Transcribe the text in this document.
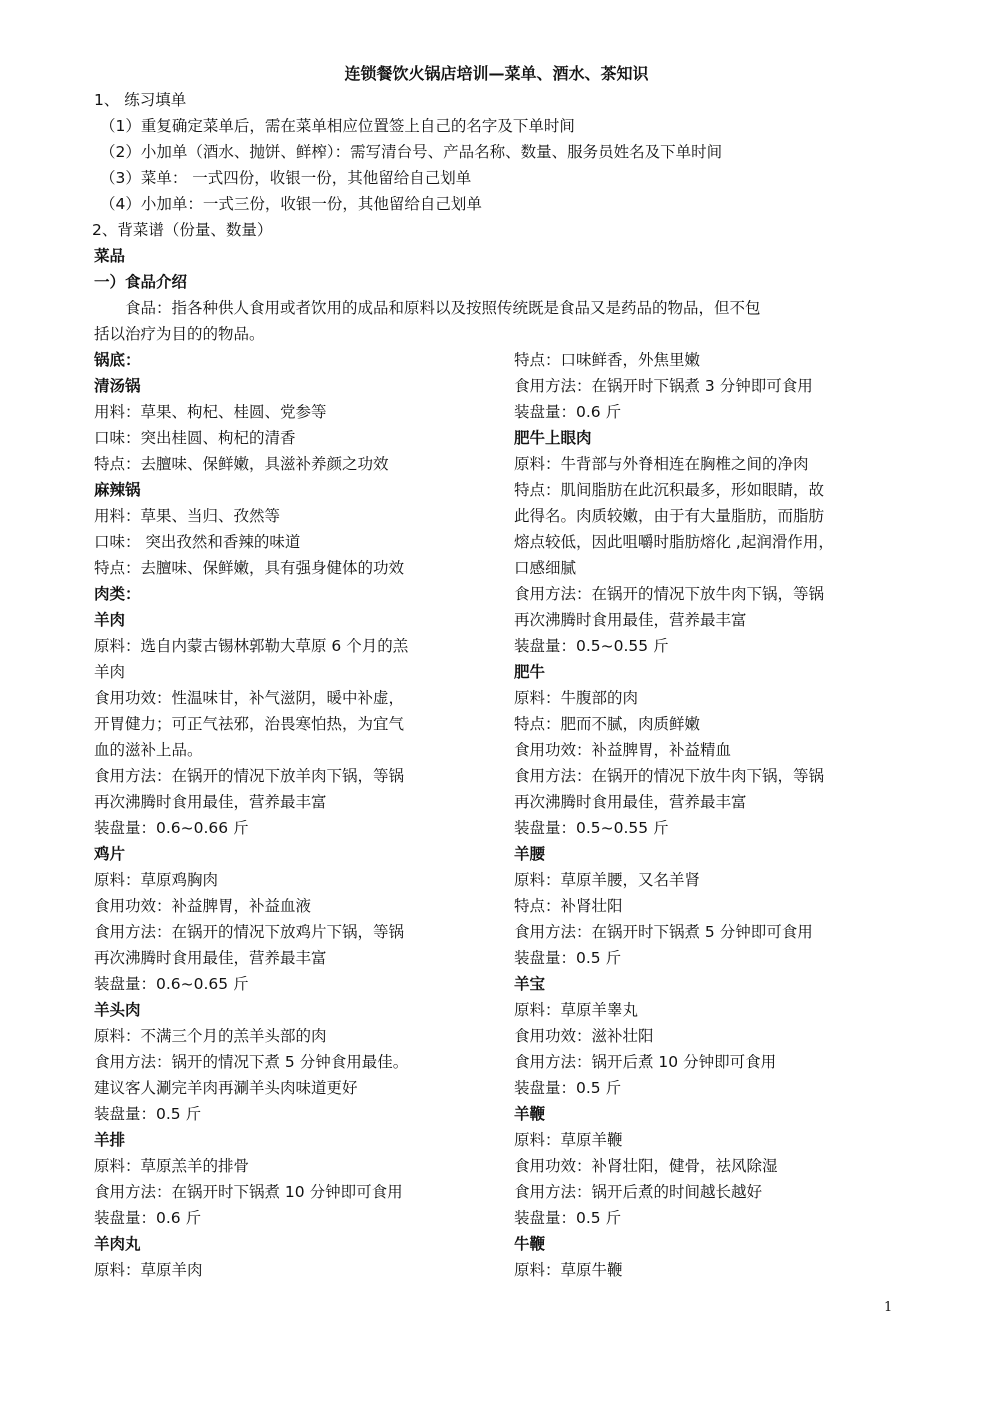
连锁餐饮火锅店培训—菜单、酒水、茶知识
1、 练习填单
（1）重复确定菜单后，需在菜单相应位置签上自己的名字及下单时间
（2）小加单（酒水、抛饼、鲜榨）：需写清台号、产品名称、数量、服务员姓名及下单时间
（3）菜单： 一式四份，收银一份，其他留给自己划单
（4）小加单：一式三份，收银一份，其他留给自己划单
2、背菜谱（份量、数量）
菜品
一）食品介绍
　　食品：指各种供人食用或者饮用的成品和原料以及按照传统既是食品又是药品的物品，但不包
括以治疗为目的的物品。
锅底：
清汤锅
用料：草果、枸杞、桂圆、党参等
口味：突出桂圆、枸杞的清香
特点：去膻味、保鲜嫩，具滋补养颜之功效
麻辣锅
用料：草果、当归、孜然等
口味： 突出孜然和香辣的味道
特点：去膻味、保鲜嫩，具有强身健体的功效
肉类：
羊肉
原料：选自内蒙古锡林郭勒大草原 6 个月的羔
羊肉
食用功效：性温味甘，补气滋阴，暖中补虚，
开胃健力；可正气祛邪，治畏寒怕热，为宜气
血的滋补上品。
食用方法：在锅开的情况下放羊肉下锅，等锅
再次沸腾时食用最佳，营养最丰富
装盘量：0.6~0.66 斤
鸡片
原料：草原鸡胸肉
食用功效：补益脾胃，补益血液
食用方法：在锅开的情况下放鸡片下锅，等锅
再次沸腾时食用最佳，营养最丰富
装盘量：0.6~0.65 斤
羊头肉
原料：不满三个月的羔羊头部的肉
食用方法：锅开的情况下煮 5 分钟食用最佳。
建议客人涮完羊肉再涮羊头肉味道更好
装盘量：0.5 斤
羊排
原料：草原羔羊的排骨
食用方法：在锅开时下锅煮 10 分钟即可食用
装盘量：0.6 斤
羊肉丸
原料：草原羊肉
特点：口味鲜香，外焦里嫩
食用方法：在锅开时下锅煮 3 分钟即可食用
装盘量：0.6 斤
肥牛上眼肉
原料：牛背部与外脊相连在胸椎之间的净肉
特点：肌间脂肪在此沉积最多，形如眼睛，故
此得名。肉质较嫩，由于有大量脂肪，而脂肪
熔点较低，因此咀嚼时脂肪熔化 ,起润滑作用，
口感细腻
食用方法：在锅开的情况下放牛肉下锅，等锅
再次沸腾时食用最佳，营养最丰富
装盘量：0.5~0.55 斤
肥牛
原料：牛腹部的肉
特点：肥而不腻，肉质鲜嫩
食用功效：补益脾胃，补益精血
食用方法：在锅开的情况下放牛肉下锅，等锅
再次沸腾时食用最佳，营养最丰富
装盘量：0.5~0.55 斤
羊腰
原料：草原羊腰，又名羊肾
特点：补肾壮阳
食用方法：在锅开时下锅煮 5 分钟即可食用
装盘量：0.5 斤
羊宝
原料：草原羊睾丸
食用功效：滋补壮阳
食用方法：锅开后煮 10 分钟即可食用
装盘量：0.5 斤
羊鞭
原料：草原羊鞭
食用功效：补肾壮阳，健骨，祛风除湿
食用方法：锅开后煮的时间越长越好
装盘量：0.5 斤
牛鞭
原料：草原牛鞭
1
